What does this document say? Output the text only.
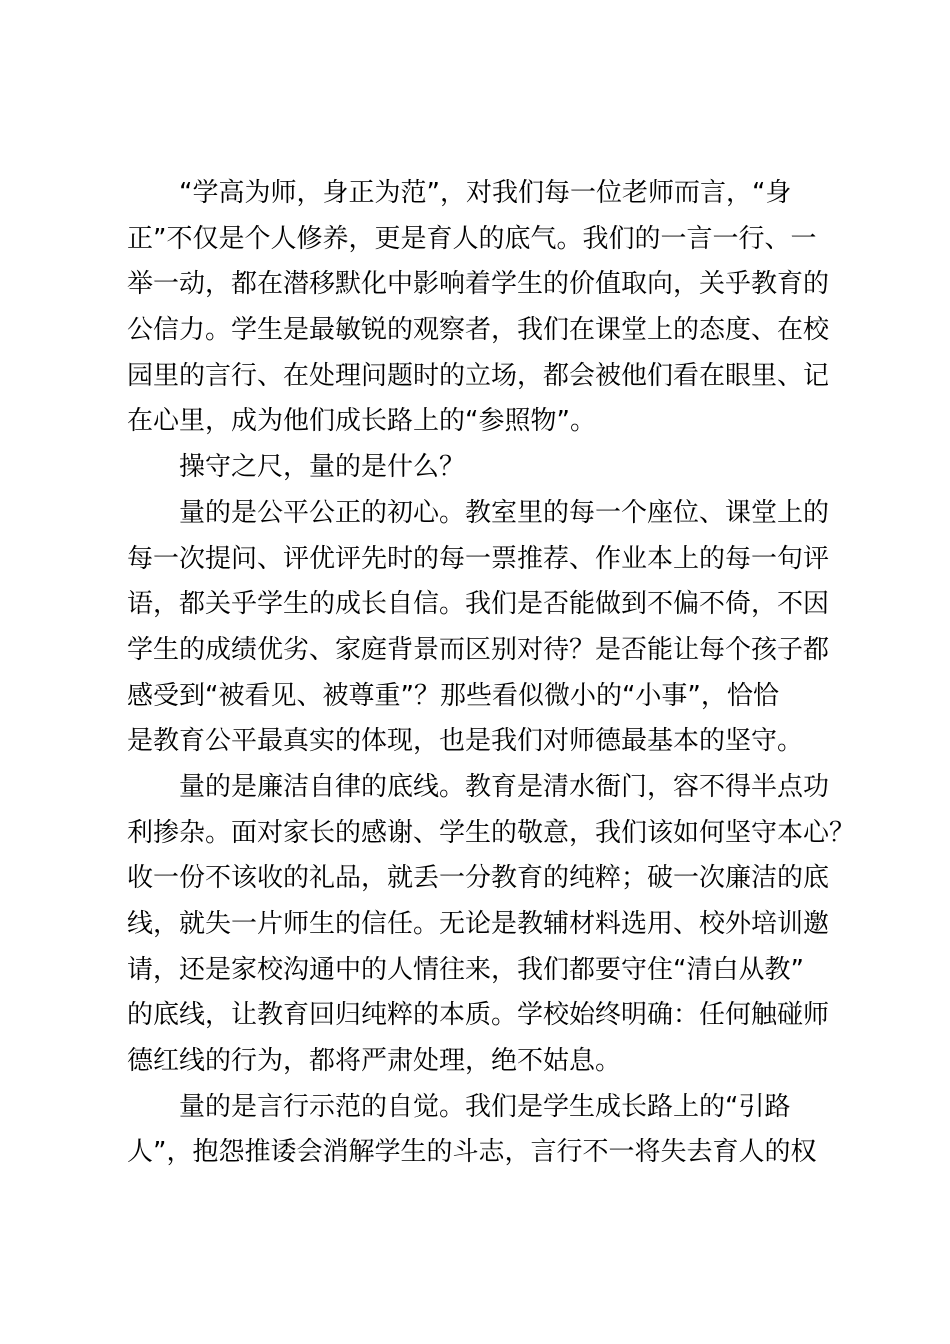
“学高为师，身正为范”，对我们每一位老师而言，“身
正”不仅是个人修养，更是育人的底气。我们的一言一行、一
举一动，都在潜移默化中影响着学生的价值取向，关乎教育的
公信力。学生是最敏锐的观察者，我们在课堂上的态度、在校
园里的言行、在处理问题时的立场，都会被他们看在眼里、记
在心里，成为他们成长路上的“参照物”。
操守之尺，量的是什么？
量的是公平公正的初心。教室里的每一个座位、课堂上的
每一次提问、评优评先时的每一票推荐、作业本上的每一句评
语，都关乎学生的成长自信。我们是否能做到不偏不倚，不因
学生的成绩优劣、家庭背景而区别对待？是否能让每个孩子都
感受到“被看见、被尊重”？那些看似微小的“小事”，恰恰
是教育公平最真实的体现，也是我们对师德最基本的坚守。
量的是廉洁自律的底线。教育是清水衙门，容不得半点功
利掺杂。面对家长的感谢、学生的敬意，我们该如何坚守本心？
收一份不该收的礼品，就丢一分教育的纯粹；破一次廉洁的底
线，就失一片师生的信任。无论是教辅材料选用、校外培训邀
请，还是家校沟通中的人情往来，我们都要守住“清白从教”
的底线，让教育回归纯粹的本质。学校始终明确：任何触碰师
德红线的行为，都将严肃处理，绝不姑息。
量的是言行示范的自觉。我们是学生成长路上的“引路
人”，抱怨推诿会消解学生的斗志，言行不一将失去育人的权
